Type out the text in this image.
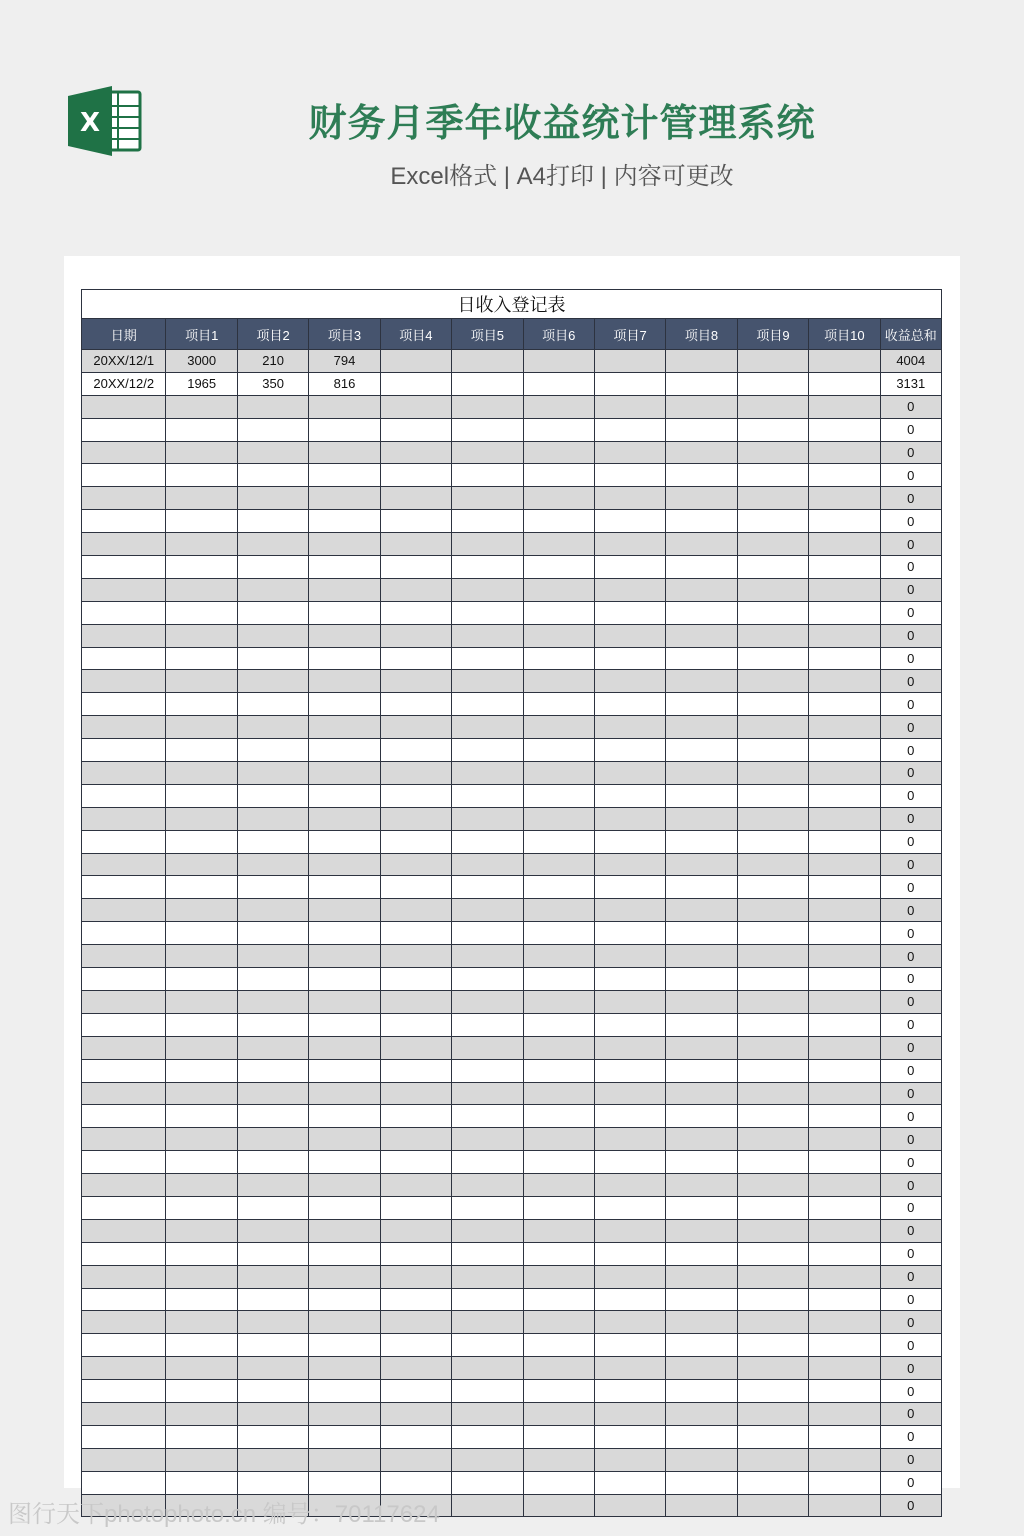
X	财务月季年收益统计管理系统
Excel格式 | A4打印 | 内容可更改
日收入登记表											
日期	项目1	项目2	项目3	项目4	项目5	项目6	项目7	项目8	项目9	项目10	收益总和
20XX/12/1	3000	210	794								4004
20XX/12/2	1965	350	816								3131
											0
											0
											0
											0
											0
											0
											0
											0
											0
											0
											0
											0
											0
											0
											0
											0
											0
											0
											0
											0
											0
											0
											0
											0
											0
											0
											0
											0
											0
											0
											0
											0
											0
											0
											0
											0
											0
											0
											0
											0
											0
											0
											0
											0
											0
											0
											0
											0
											0
图行天下photophoto.cn 编号：70117624
